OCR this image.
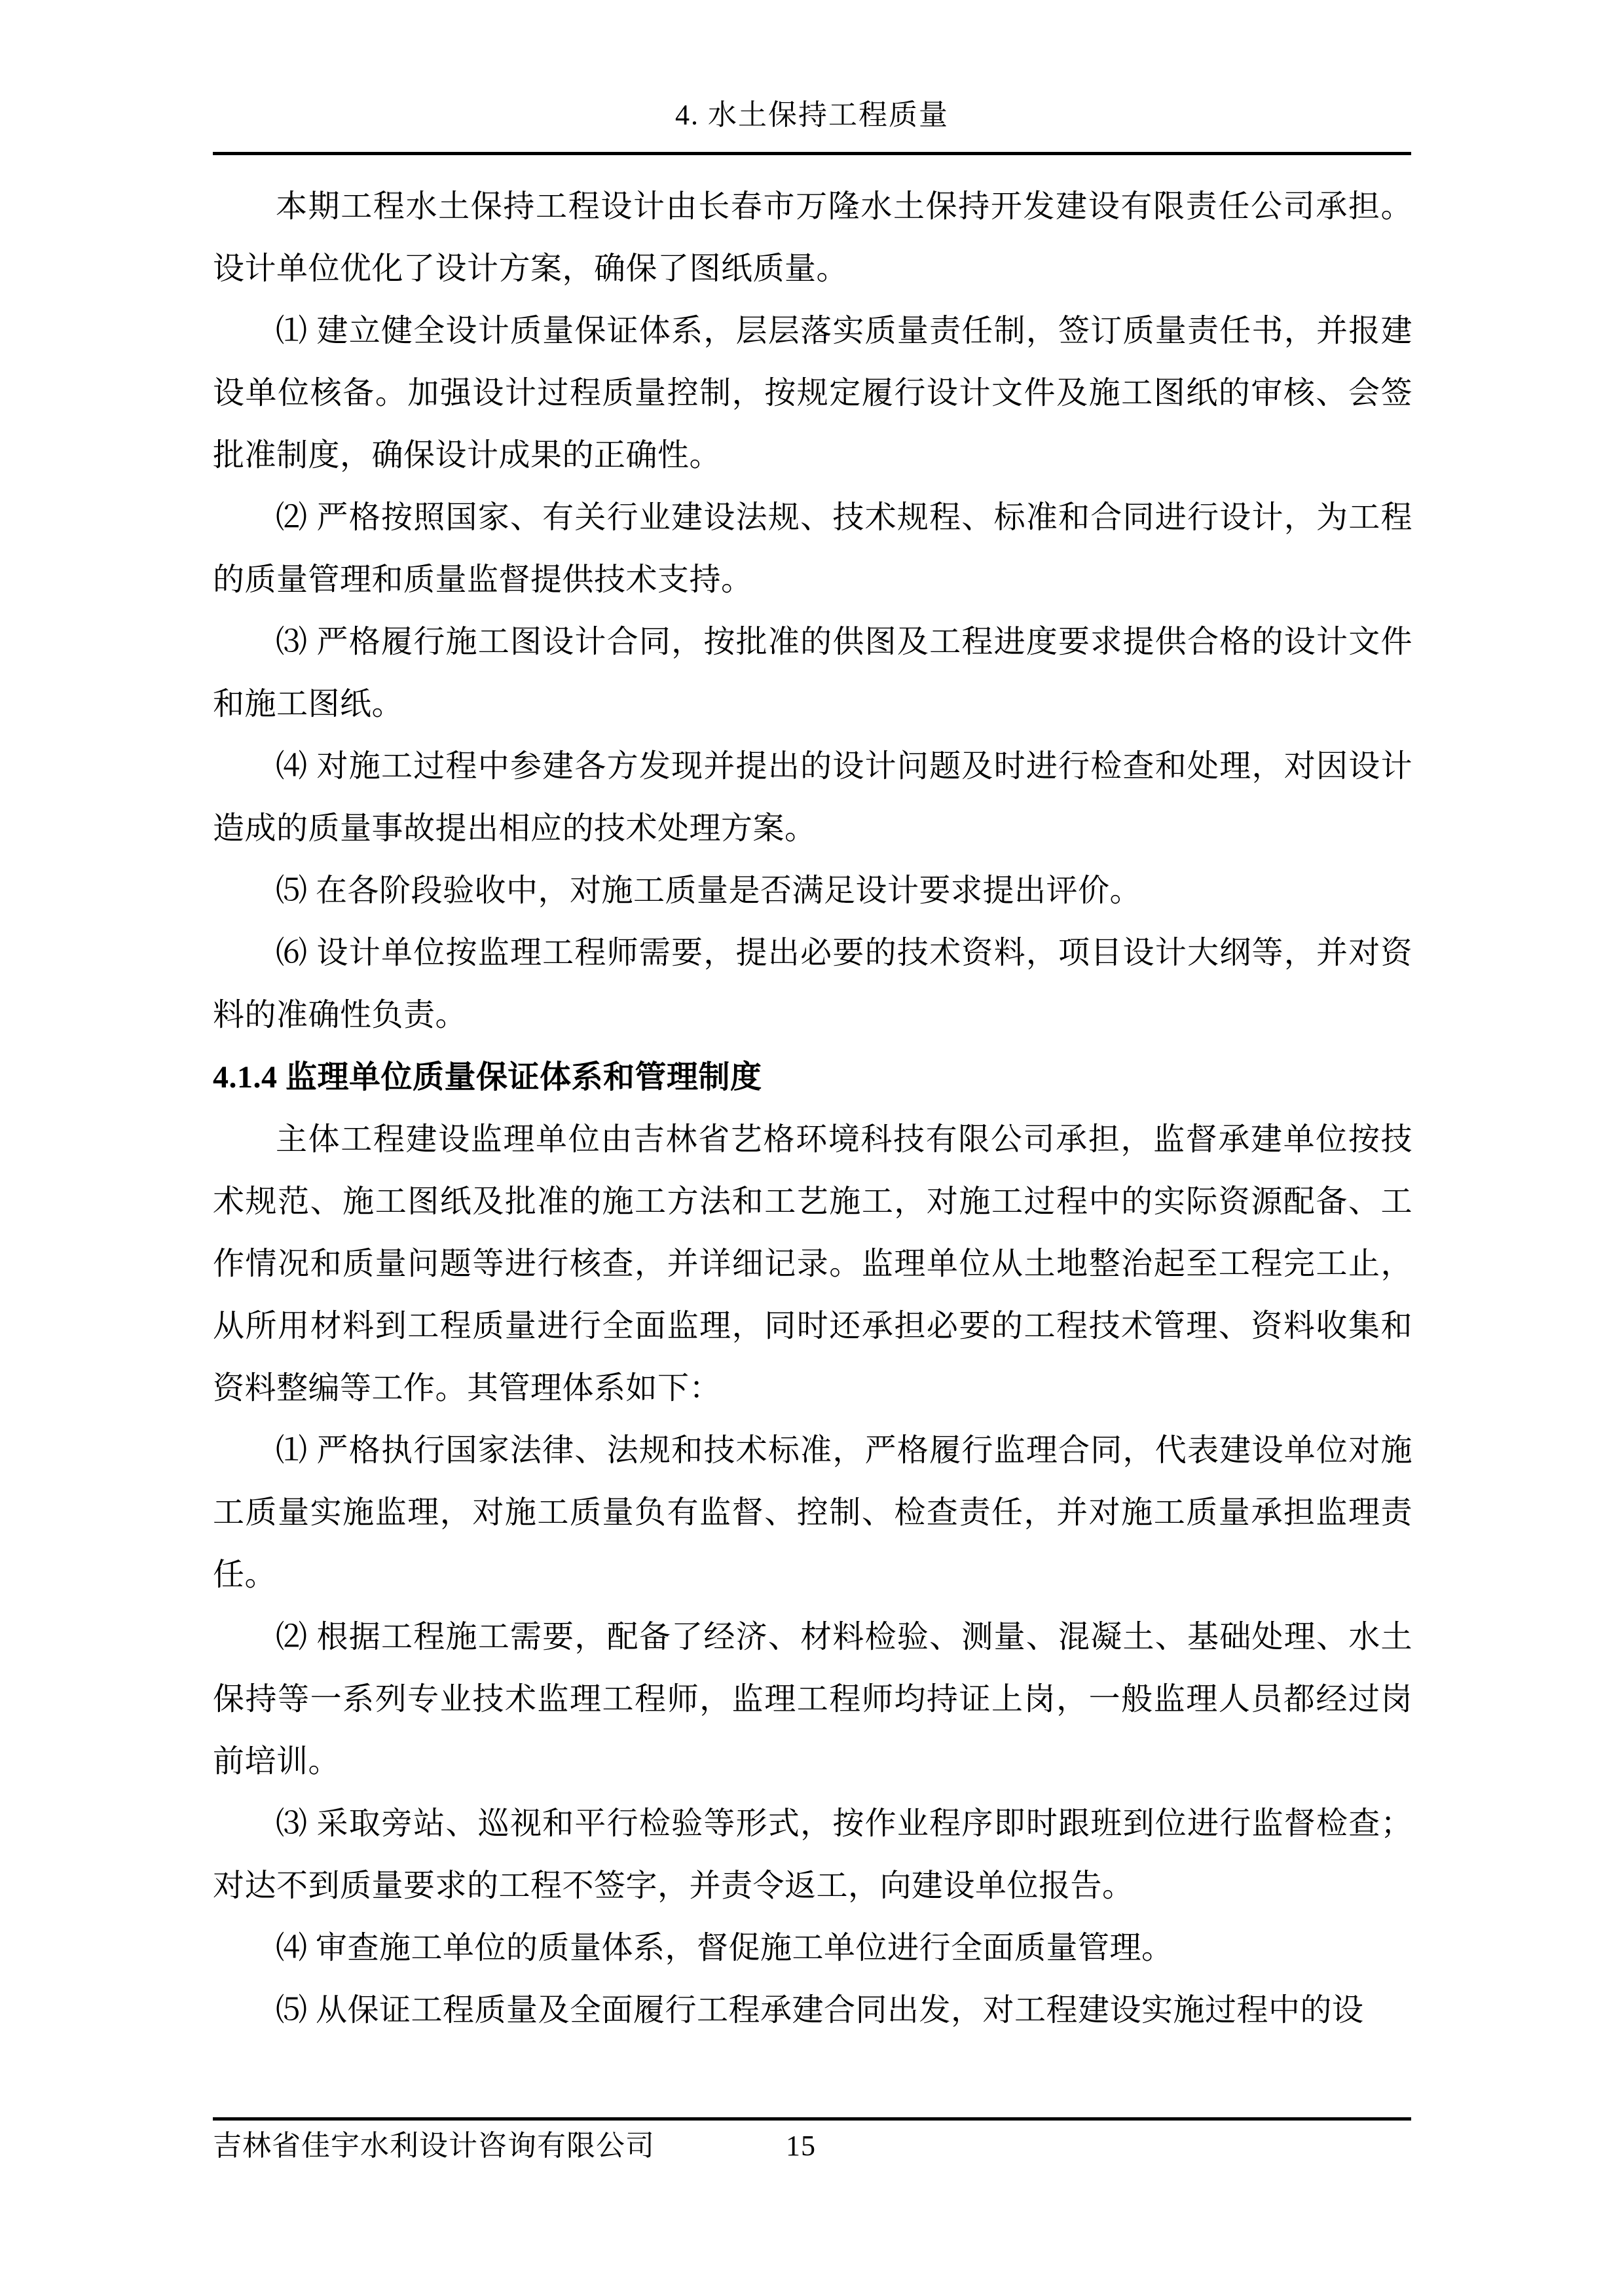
4. 水土保持工程质量

本期工程水土保持工程设计由长春市万隆水土保持开发建设有限责任公司承担。设计单位优化了设计方案，确保了图纸质量。

⑴ 建立健全设计质量保证体系，层层落实质量责任制，签订质量责任书，并报建设单位核备。加强设计过程质量控制，按规定履行设计文件及施工图纸的审核、会签批准制度，确保设计成果的正确性。

⑵ 严格按照国家、有关行业建设法规、技术规程、标准和合同进行设计，为工程的质量管理和质量监督提供技术支持。

⑶ 严格履行施工图设计合同，按批准的供图及工程进度要求提供合格的设计文件和施工图纸。

⑷ 对施工过程中参建各方发现并提出的设计问题及时进行检查和处理，对因设计造成的质量事故提出相应的技术处理方案。

⑸ 在各阶段验收中，对施工质量是否满足设计要求提出评价。

⑹ 设计单位按监理工程师需要，提出必要的技术资料，项目设计大纲等，并对资料的准确性负责。

4.1.4 监理单位质量保证体系和管理制度

主体工程建设监理单位由吉林省艺格环境科技有限公司承担，监督承建单位按技术规范、施工图纸及批准的施工方法和工艺施工，对施工过程中的实际资源配备、工作情况和质量问题等进行核查，并详细记录。监理单位从土地整治起至工程完工止，从所用材料到工程质量进行全面监理，同时还承担必要的工程技术管理、资料收集和资料整编等工作。其管理体系如下：

⑴ 严格执行国家法律、法规和技术标准，严格履行监理合同，代表建设单位对施工质量实施监理，对施工质量负有监督、控制、检查责任，并对施工质量承担监理责任。

⑵ 根据工程施工需要，配备了经济、材料检验、测量、混凝土、基础处理、水土保持等一系列专业技术监理工程师，监理工程师均持证上岗，一般监理人员都经过岗前培训。

⑶ 采取旁站、巡视和平行检验等形式，按作业程序即时跟班到位进行监督检查；对达不到质量要求的工程不签字，并责令返工，向建设单位报告。

⑷ 审查施工单位的质量体系，督促施工单位进行全面质量管理。

⑸ 从保证工程质量及全面履行工程承建合同出发，对工程建设实施过程中的设

吉林省佳宇水利设计咨询有限公司	15
